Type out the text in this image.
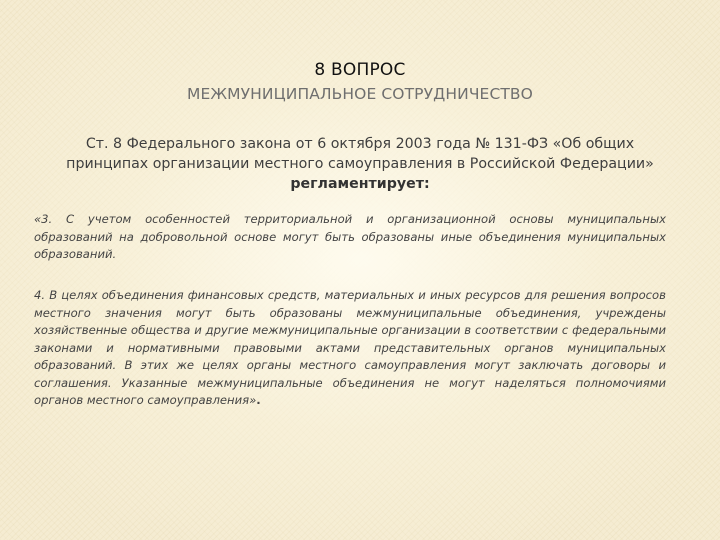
8 ВОПРОС
МЕЖМУНИЦИПАЛЬНОЕ СОТРУДНИЧЕСТВО

Ст. 8 Федерального закона от 6 октября 2003 года № 131-ФЗ «Об общих принципах организации местного самоуправления в Российской Федерации» регламентирует:

«3. С учетом особенностей территориальной и организационной основы муниципальных образований на добровольной основе могут быть образованы иные объединения муниципальных образований.

4. В целях объединения финансовых средств, материальных и иных ресурсов для решения вопросов местного значения могут быть образованы межмуниципальные объединения, учреждены хозяйственные общества и другие межмуниципальные организации в соответствии с федеральными законами и нормативными правовыми актами представительных органов муниципальных образований. В этих же целях органы местного самоуправления могут заключать договоры и соглашения. Указанные межмуниципальные объединения не могут наделяться полномочиями органов местного самоуправления».
